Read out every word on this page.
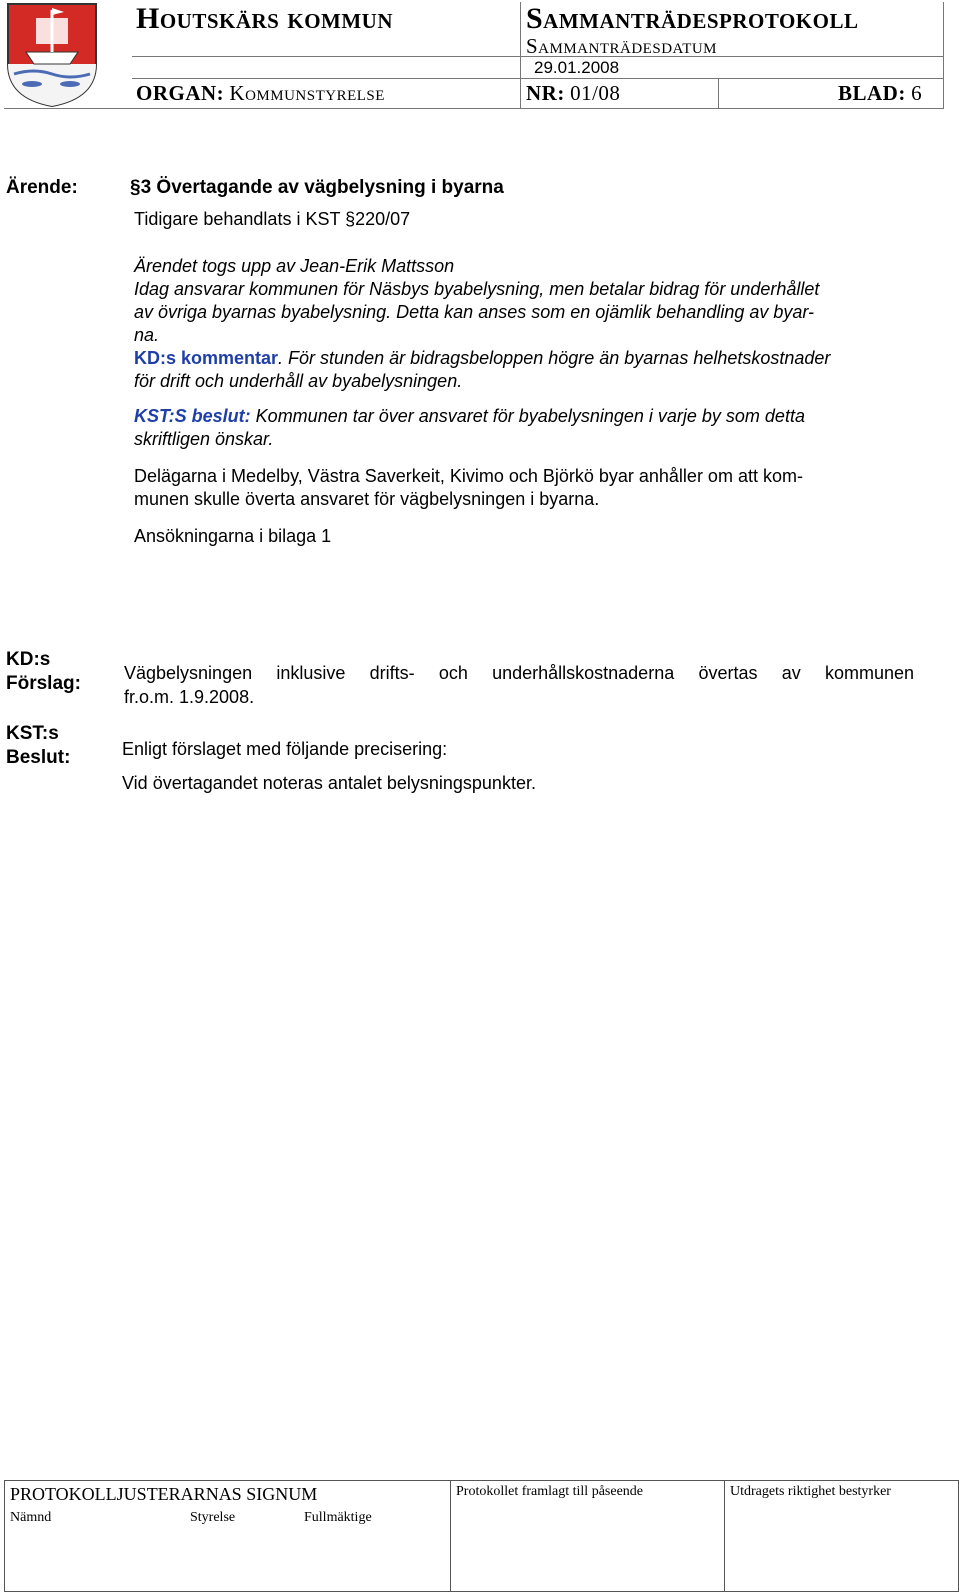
Houtskärs kommun	Sammanträdesprotokoll
Sammanträdesdatum
29.01.2008
ORGAN: Kommunstyrelse	NR: 01/08	BLAD: 6
Ärende:	§3 Övertagande av vägbelysning i byarna
Tidigare behandlats i KST §220/07
Ärendet togs upp av Jean-Erik Mattsson
Idag ansvarar kommunen för Näsbys byabelysning, men betalar bidrag för underhållet
av övriga byarnas byabelysning. Detta kan anses som en ojämlik behandling av byar-
na.
KD:s kommentar. För stunden är bidragsbeloppen högre än byarnas helhetskostnader
för drift och underhåll av byabelysningen.
KST:S beslut: Kommunen tar över ansvaret för byabelysningen i varje by som detta
skriftligen önskar.
Delägarna i Medelby, Västra Saverkeit, Kivimo och Björkö byar anhåller om att kom-
munen skulle överta ansvaret för vägbelysningen i byarna.
Ansökningarna i bilaga 1
KD:s
Förslag: Vägbelysningen inklusive drifts- och underhållskostnaderna övertas av kommunen
fr.o.m. 1.9.2008.
KST:s
Beslut:	Enligt förslaget med följande precisering:
Vid övertagandet noteras antalet belysningspunkter.
PROTOKOLLJUSTERARNAS SIGNUM
Nämnd	Styrelse	Fullmäktige
Protokollet framlagt till påseende	Utdragets riktighet bestyrker
